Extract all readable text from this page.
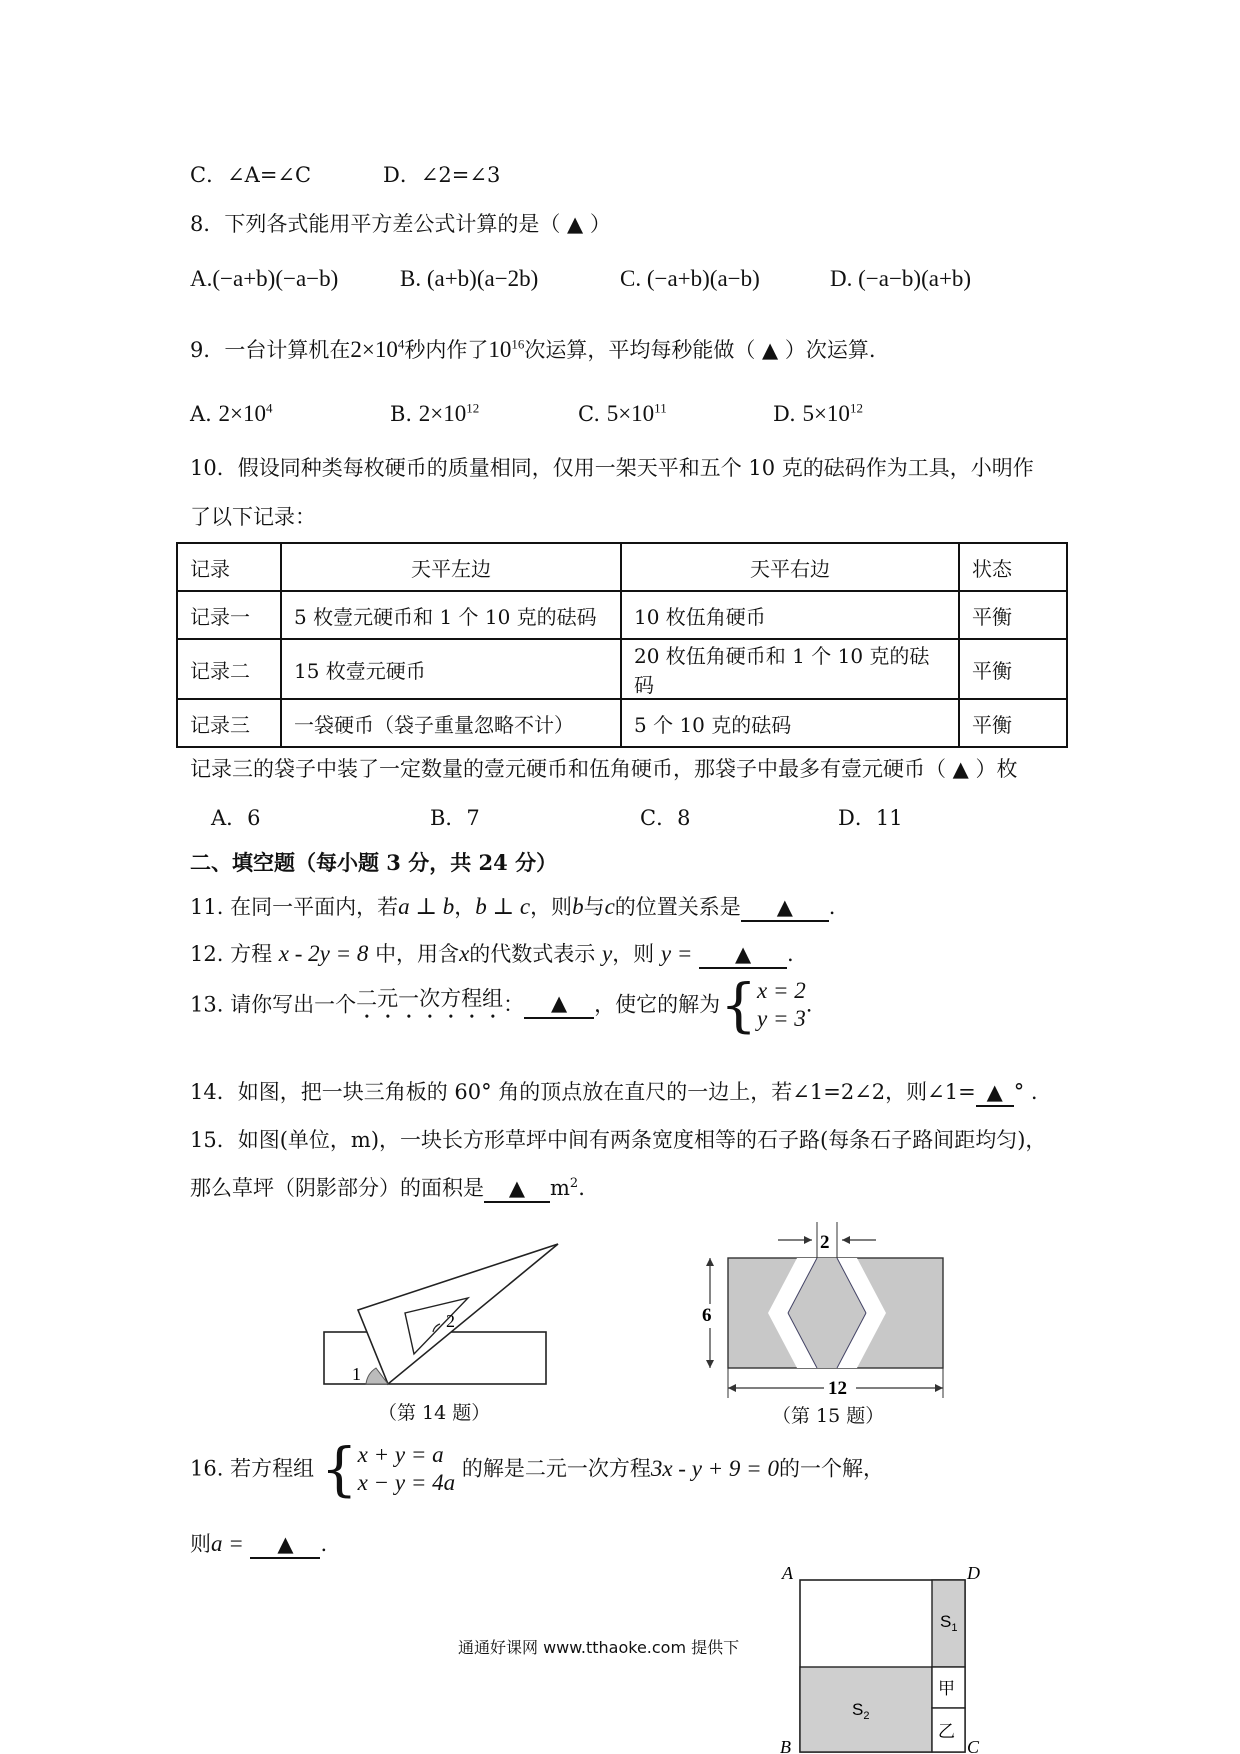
C．∠A=∠C	D．∠2=∠3
8．下列各式能用平方差公式计算的是（ ▲ ）
A.(−a+b)(−a−b)	B. (a+b)(a−2b)	C. (−a+b)(a−b)	D. (−a−b)(a+b)
9．一台计算机在$2\times 10^4$秒内作了$10^{16}$次运算，平均每秒能做（ ▲ ）次运算.
A. $2\times 10^4$	B. $2\times 10^{12}$	C. $5\times 10^{11}$	D. $5\times 10^{12}$
10．假设同种类每枚硬币的质量相同，仅用一架天平和五个 10 克的砝码作为工具，小明作
了以下记录：
记录	天平左边	天平右边	状态
记录一	5 枚壹元硬币和 1 个 10 克的砝码	10 枚伍角硬币	平衡
记录二	15 枚壹元硬币	20 枚伍角硬币和 1 个 10 克的砝码	平衡
记录三	一袋硬币（袋子重量忽略不计）	5 个 10 克的砝码	平衡
记录三的袋子中装了一定数量的壹元硬币和伍角硬币，那袋子中最多有壹元硬币（ ▲ ）枚
A．6	B．7	C．8	D．11
二、填空题（每小题 3 分，共 24 分）
11. 在同一平面内，若a ⊥ b，b ⊥ c，则b与c的位置关系是 ▲ .
12. 方程 x - 2y = 8 中，用含x的代数式表示 y，则 y = ▲ .
13. 请你写出一个二元一次方程组： ▲ ，使它的解为{ x = 2
y = 3
.
14．如图，把一块三角板的 60° 角的顶点放在直尺的一边上，若∠1=2∠2，则∠1= ▲ ° .
15．如图(单位，m)，一块长方形草坪中间有两条宽度相等的石子路(每条石子路间距均匀)，
那么草坪（阴影部分）的面积是 ▲ $m^2$.
1
2
（第 14 题）
2
6
12
（第 15 题）
16. 若方程组 { x + y = a
x − y = 4a
的解是二元一次方程3x - y + 9 = 0的一个解，
则a = ▲ .
A	D
B	C
$S_1$
$S_2$
甲
乙
通通好课网 www.tthaoke.com 提供下
